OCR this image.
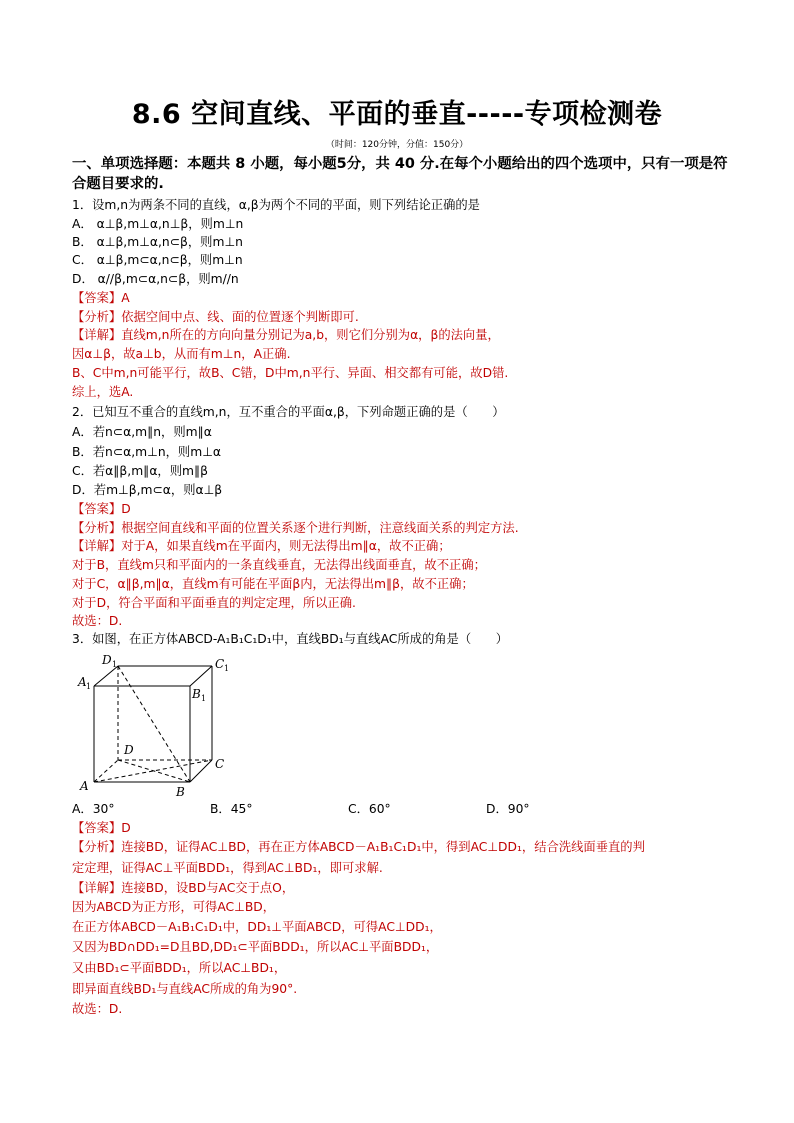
8.6 空间直线、平面的垂直-----专项检测卷
（时间：120分钟，分值：150分）
一、单项选择题：本题共 8 小题，每小题5分，共 40 分.在每个小题给出的四个选项中，只有一项是符合题目要求的.
1．设m,n为两条不同的直线，α,β为两个不同的平面，则下列结论正确的是
A． α⊥β,m⊥α,n⊥β，则m⊥n
B． α⊥β,m⊥α,n⊂β，则m⊥n
C． α⊥β,m⊂α,n⊂β，则m⊥n
D． α//β,m⊂α,n⊂β，则m//n
【答案】A
【分析】依据空间中点、线、面的位置逐个判断即可.
【详解】直线m,n所在的方向向量分别记为a,b，则它们分别为α，β的法向量，
因α⊥β，故a⊥b，从而有m⊥n，A正确.
B、C中m,n可能平行，故B、C错，D中m,n平行、异面、相交都有可能，故D错.
综上，选A.
2．已知互不重合的直线m,n，互不重合的平面α,β，下列命题正确的是（　　）
A．若n⊂α,m∥n，则m∥α
B．若n⊂α,m⊥n，则m⊥α
C．若α∥β,m∥α，则m∥β
D．若m⊥β,m⊂α，则α⊥β
【答案】D
【分析】根据空间直线和平面的位置关系逐个进行判断，注意线面关系的判定方法.
【详解】对于A，如果直线m在平面内，则无法得出m∥α，故不正确；
对于B，直线m只和平面内的一条直线垂直，无法得出线面垂直，故不正确；
对于C，α∥β,m∥α，直线m有可能在平面β内，无法得出m∥β，故不正确；
对于D，符合平面和平面垂直的判定定理，所以正确.
故选：D.
3．如图，在正方体ABCD-A₁B₁C₁D₁中，直线BD₁与直线AC所成的角是（　　）
D 1	C 1
A 1
B 1
D
C
A	B
A．30°	B．45°	C．60°	D．90°
【答案】D
【分析】连接BD，证得AC⊥BD，再在正方体ABCD－A₁B₁C₁D₁中，得到AC⊥DD₁，结合洗线面垂直的判
定定理，证得AC⊥平面BDD₁，得到AC⊥BD₁，即可求解.
【详解】连接BD，设BD与AC交于点O，
因为ABCD为正方形，可得AC⊥BD，
在正方体ABCD－A₁B₁C₁D₁中，DD₁⊥平面ABCD，可得AC⊥DD₁，
又因为BD∩DD₁=D且BD,DD₁⊂平面BDD₁，所以AC⊥平面BDD₁，
又由BD₁⊂平面BDD₁，所以AC⊥BD₁，
即异面直线BD₁与直线AC所成的角为90°.
故选：D.
